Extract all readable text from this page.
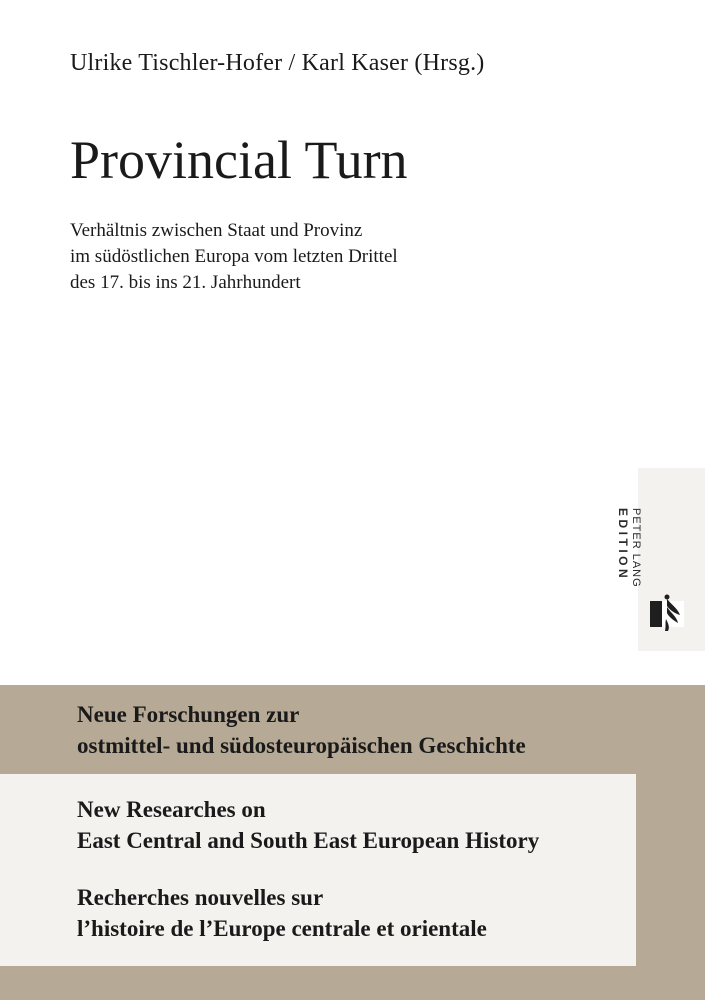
Ulrike Tischler-Hofer / Karl Kaser (Hrsg.)
Provincial Turn
Verhältnis zwischen Staat und Provinz
im südöstlichen Europa vom letzten Drittel
des 17. bis ins 21. Jahrhundert
PETER LANG
EDITION
Neue Forschungen zur
ostmittel- und südosteuropäischen Geschichte
New Researches on
East Central and South East European History
Recherches nouvelles sur
l’histoire de l’Europe centrale et orientale
